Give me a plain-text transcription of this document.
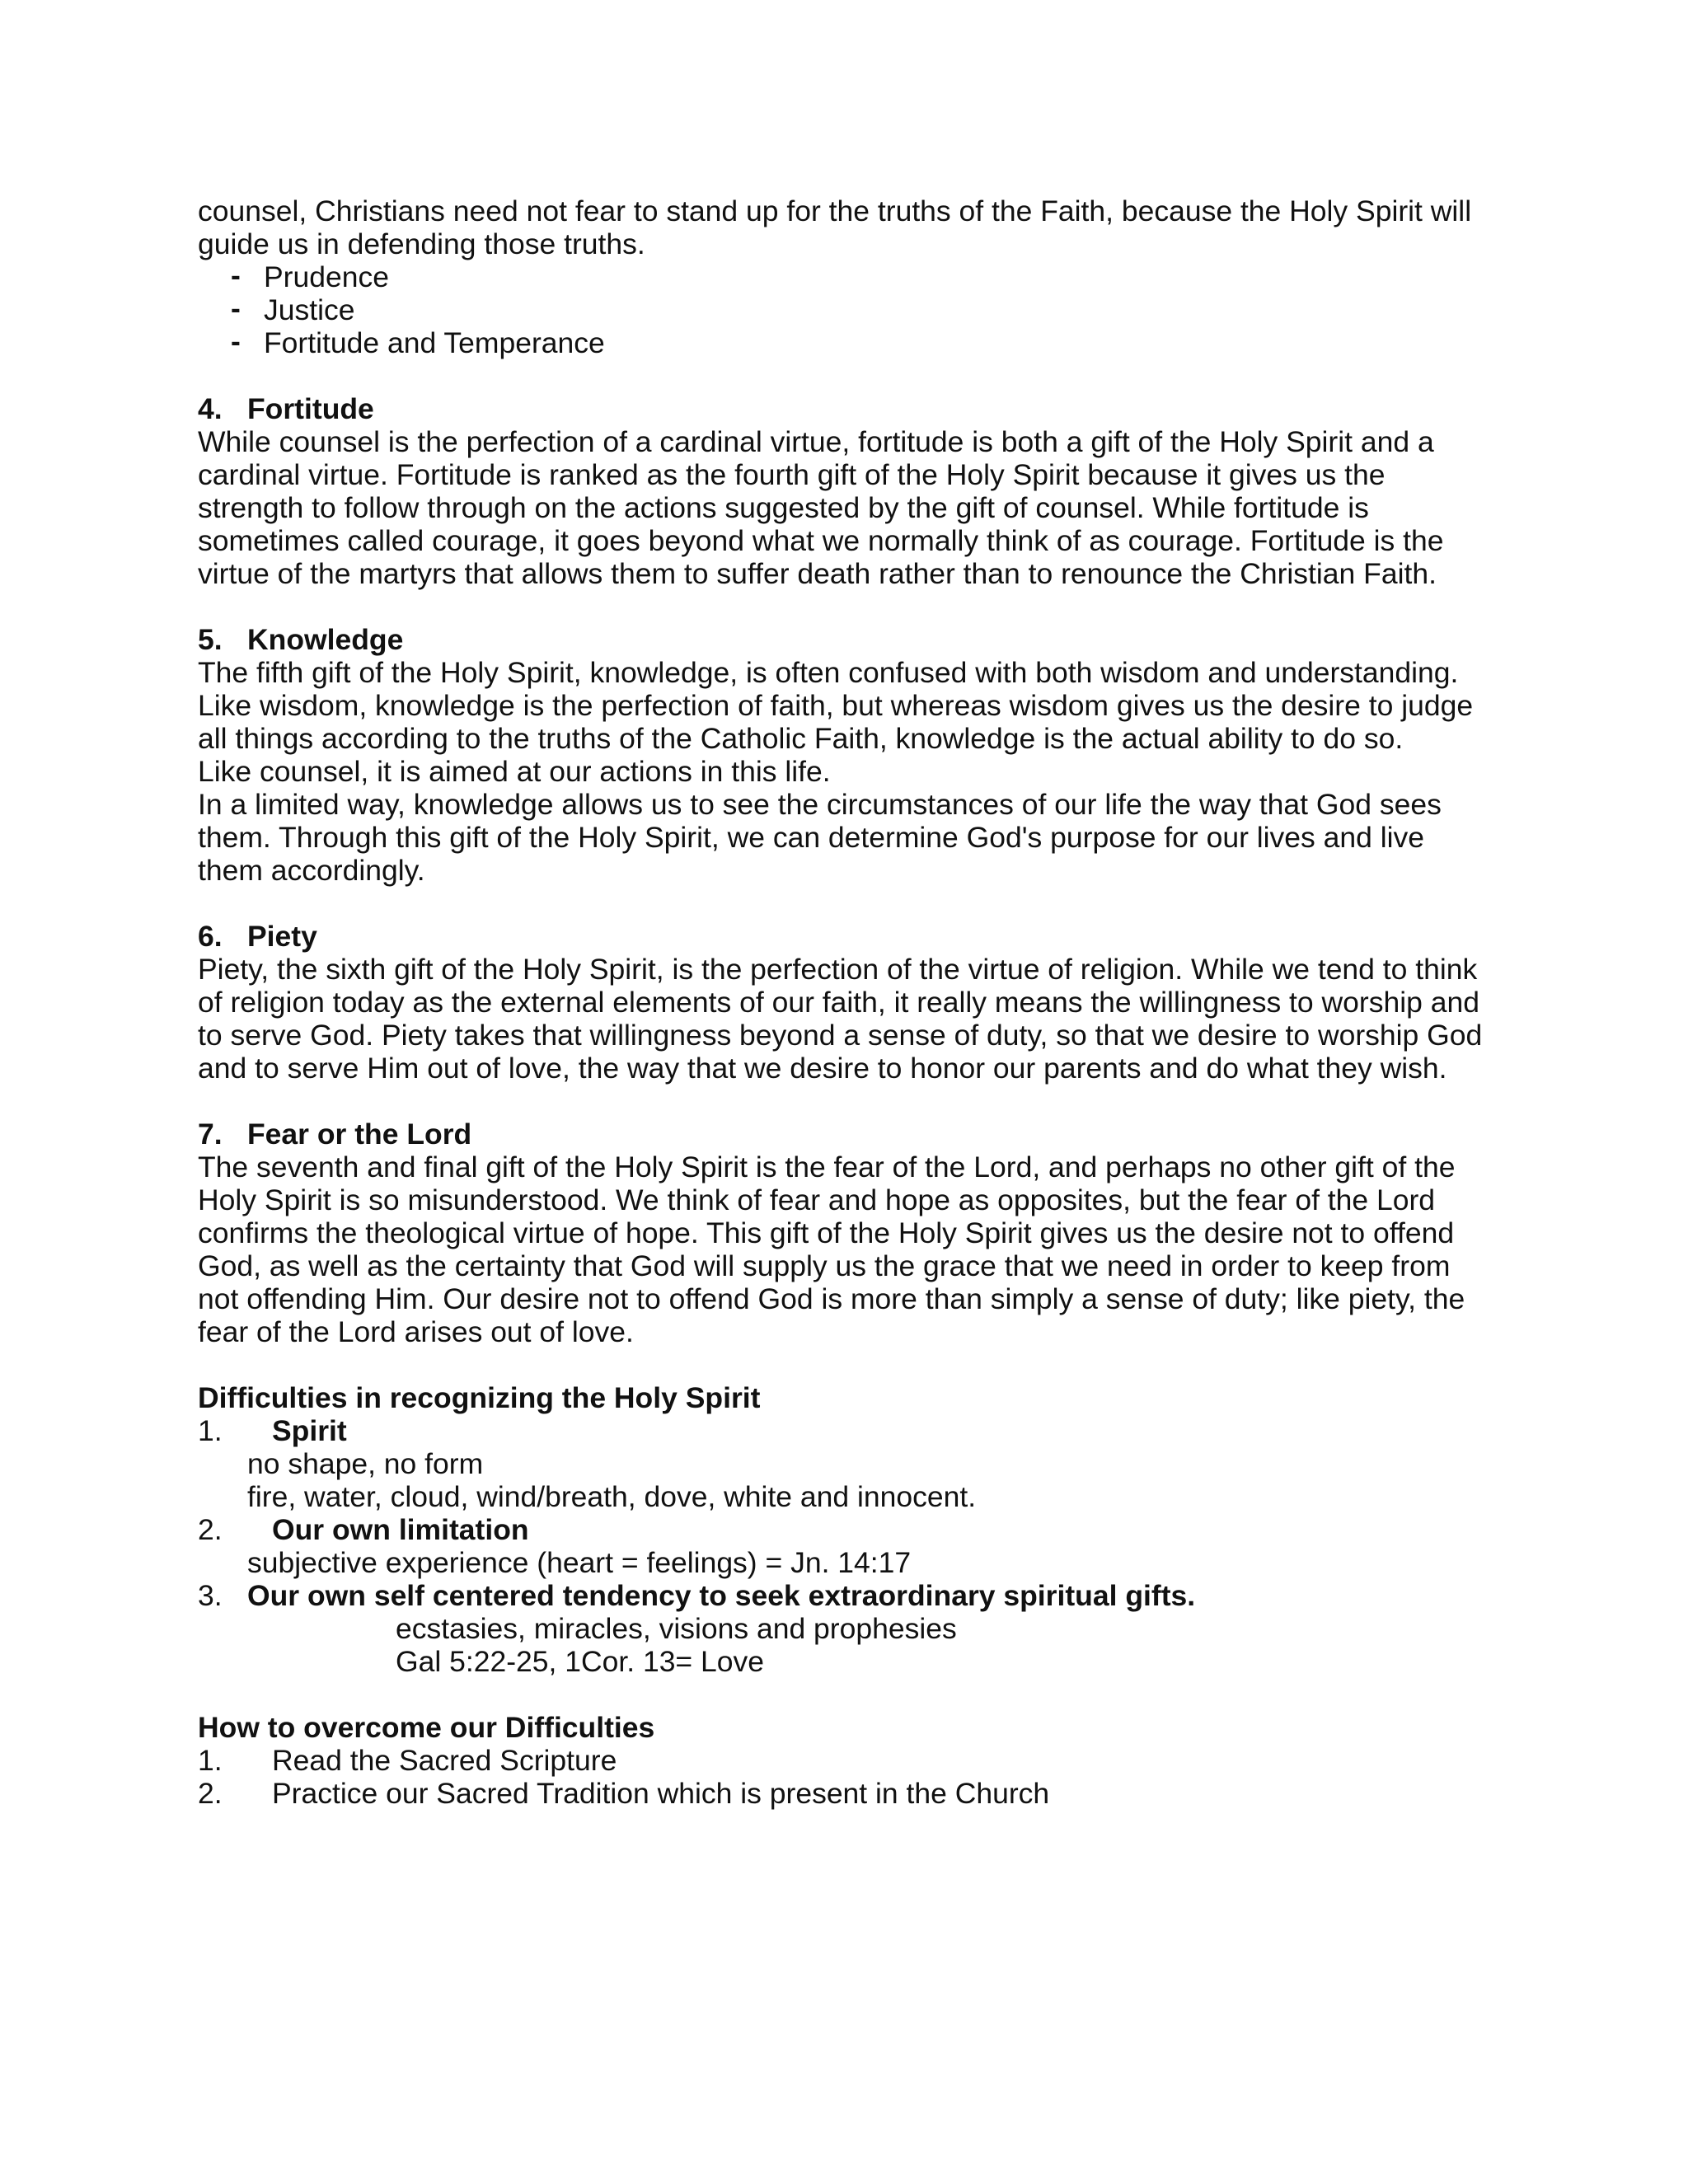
counsel, Christians need not fear to stand up for the truths of the Faith, because the Holy Spirit will guide us in defending those truths.

- Prudence
- Justice
- Fortitude and Temperance

4. Fortitude

While counsel is the perfection of a cardinal virtue, fortitude is both a gift of the Holy Spirit and a cardinal virtue. Fortitude is ranked as the fourth gift of the Holy Spirit because it gives us the strength to follow through on the actions suggested by the gift of counsel. While fortitude is sometimes called courage, it goes beyond what we normally think of as courage. Fortitude is the virtue of the martyrs that allows them to suffer death rather than to renounce the Christian Faith.

5. Knowledge

The fifth gift of the Holy Spirit, knowledge, is often confused with both wisdom and understanding.

Like wisdom, knowledge is the perfection of faith, but whereas wisdom gives us the desire to judge all things according to the truths of the Catholic Faith, knowledge is the actual ability to do so.

Like counsel, it is aimed at our actions in this life.

In a limited way, knowledge allows us to see the circumstances of our life the way that God sees them. Through this gift of the Holy Spirit, we can determine God's purpose for our lives and live them accordingly.

6. Piety

Piety, the sixth gift of the Holy Spirit, is the perfection of the virtue of religion. While we tend to think of religion today as the external elements of our faith, it really means the willingness to worship and to serve God. Piety takes that willingness beyond a sense of duty, so that we desire to worship God and to serve Him out of love, the way that we desire to honor our parents and do what they wish.

7. Fear or the Lord

The seventh and final gift of the Holy Spirit is the fear of the Lord, and perhaps no other gift of the Holy Spirit is so misunderstood. We think of fear and hope as opposites, but the fear of the Lord confirms the theological virtue of hope. This gift of the Holy Spirit gives us the desire not to offend God, as well as the certainty that God will supply us the grace that we need in order to keep from not offending Him. Our desire not to offend God is more than simply a sense of duty; like piety, the fear of the Lord arises out of love.

Difficulties in recognizing the Holy Spirit

1. Spirit

no shape, no form

fire, water, cloud, wind/breath, dove, white and innocent.

2. Our own limitation

subjective experience (heart = feelings) = Jn. 14:17

3. Our own self centered tendency to seek extraordinary spiritual gifts.

ecstasies, miracles, visions and prophesies

Gal 5:22-25, 1Cor. 13= Love

How to overcome our Difficulties

1. Read the Sacred Scripture

2. Practice our Sacred Tradition which is present in the Church
